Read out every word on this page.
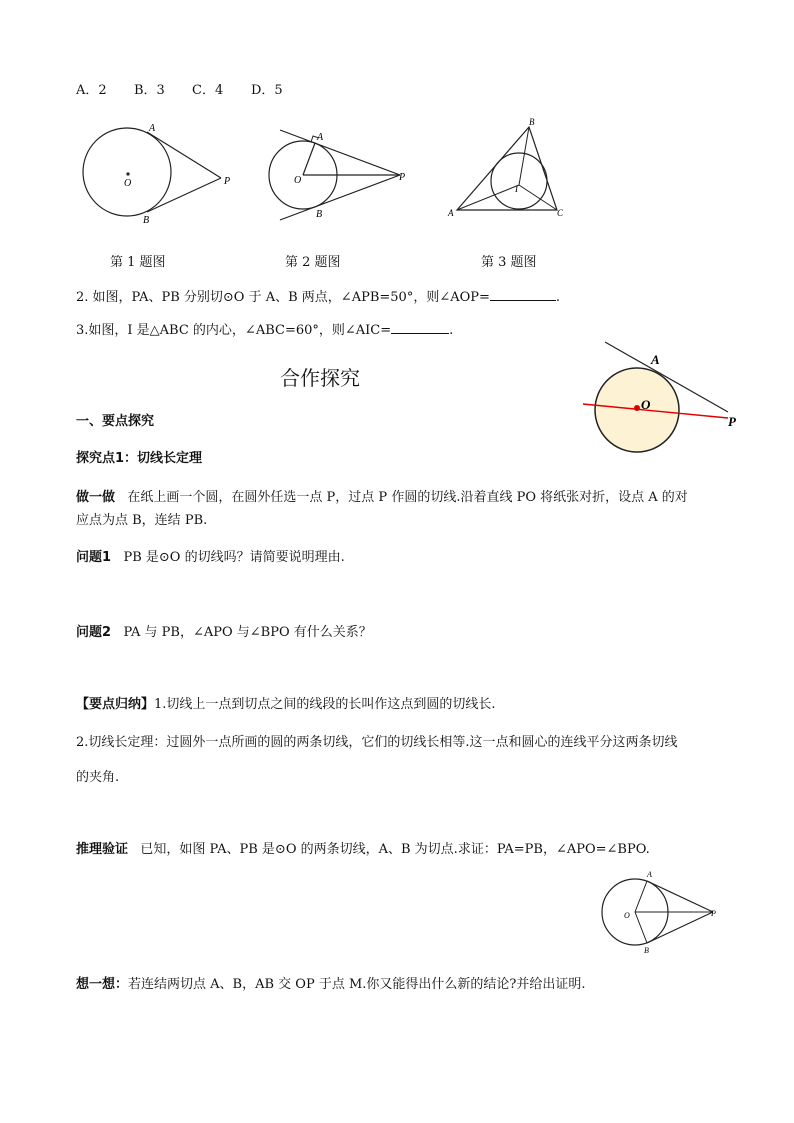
A．2 B．3 C．4 D．5
A
O	P
B
第 1 题图
A
O	P
B
第 2 题图
B
I
A	C
第 3 题图
2. 如图，PA、PB 分别切⊙O 于 A、B 两点，∠APB=50°，则∠AOP=	.
3.如图，I 是△ABC 的内心，∠ABC=60°，则∠AIC=	.
合作探究
A
O
P
一、要点探究
探究点1：切线长定理
做一做 在纸上画一个圆，在圆外任选一点 P，过点 P 作圆的切线.沿着直线 PO 将纸张对折，设点 A 的对
应点为点 B，连结 PB.
问题1 PB 是⊙O 的切线吗？请简要说明理由.
问题2 PA 与 PB，∠APO 与∠BPO 有什么关系？
【要点归纳】1.切线上一点到切点之间的线段的长叫作这点到圆的切线长.
2.切线长定理：过圆外一点所画的圆的两条切线，它们的切线长相等.这一点和圆心的连线平分这两条切线
的夹角.
推理验证 已知，如图 PA、PB 是⊙O 的两条切线，A、B 为切点.求证：PA=PB，∠APO=∠BPO.
A
O	P
B
想一想：若连结两切点 A、B，AB 交 OP 于点 M.你又能得出什么新的结论?并给出证明.
